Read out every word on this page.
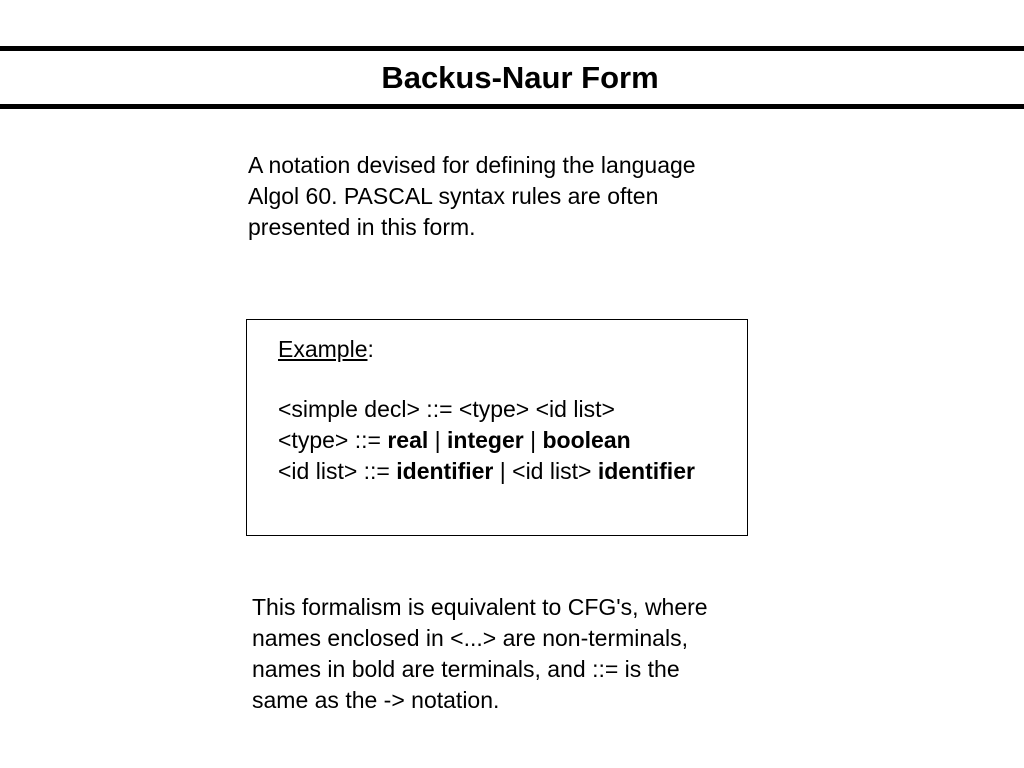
Backus-Naur Form
A notation devised for defining the language
Algol 60. PASCAL syntax rules are often
presented in this form.
Example:
<simple decl> ::= <type> <id list>
<type> ::= real | integer | boolean
<id list> ::= identifier | <id list> identifier
This formalism is equivalent to CFG's, where
names enclosed in <...> are non-terminals,
names in bold are terminals, and ::= is the
same as the -> notation.
